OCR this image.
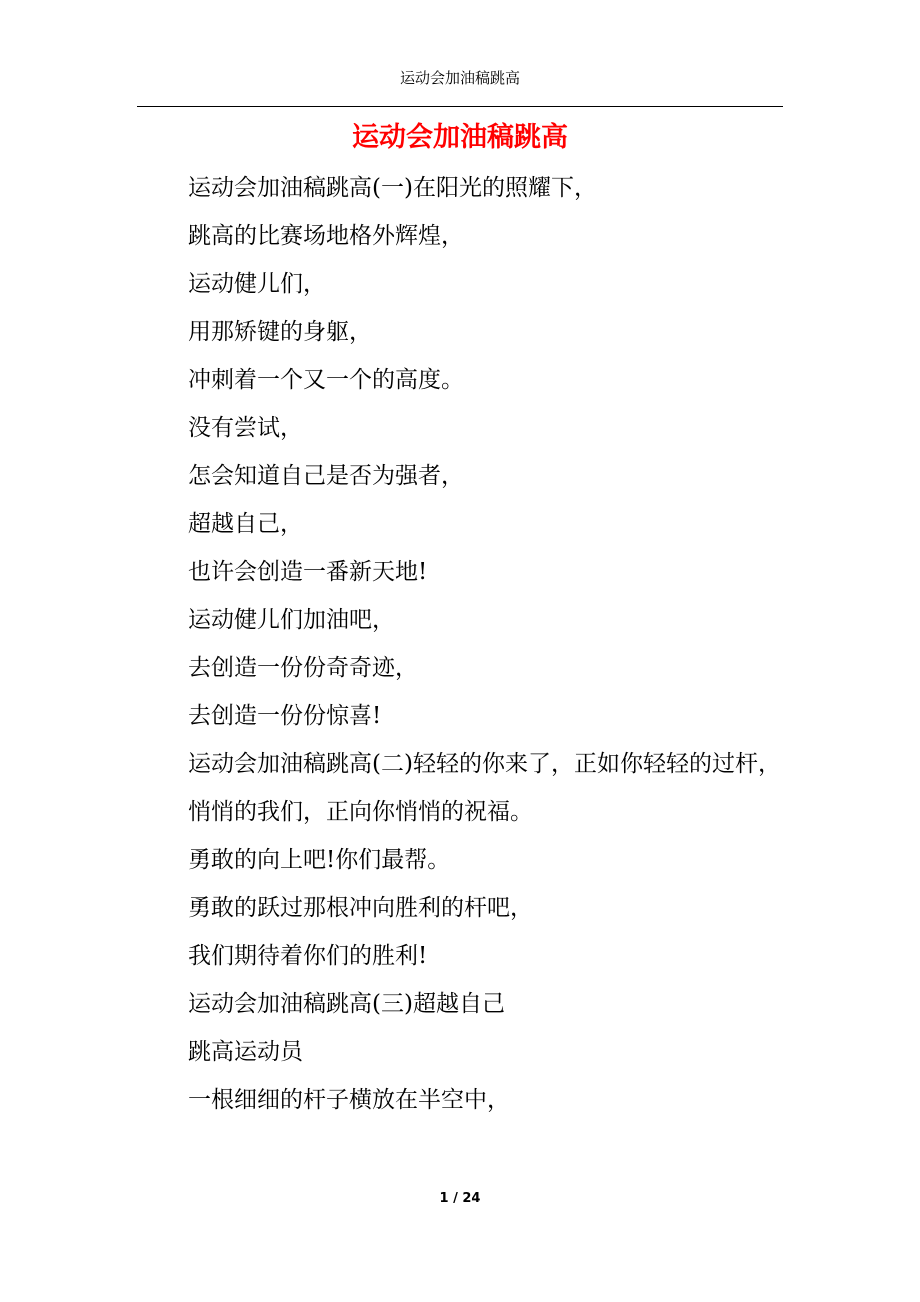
运动会加油稿跳高
运动会加油稿跳高

运动会加油稿跳高(一)在阳光的照耀下，

跳高的比赛场地格外辉煌，

运动健儿们，

用那矫键的身躯，

冲刺着一个又一个的高度。

没有尝试，

怎会知道自己是否为强者，

超越自己，

也许会创造一番新天地!

运动健儿们加油吧，

去创造一份份奇奇迹，

去创造一份份惊喜!

运动会加油稿跳高(二)轻轻的你来了，正如你轻轻的过杆，

悄悄的我们，正向你悄悄的祝福。

勇敢的向上吧!你们最帮。

勇敢的跃过那根冲向胜利的杆吧，

我们期待着你们的胜利!

运动会加油稿跳高(三)超越自己

跳高运动员

一根细细的杆子横放在半空中，

1 / 24
